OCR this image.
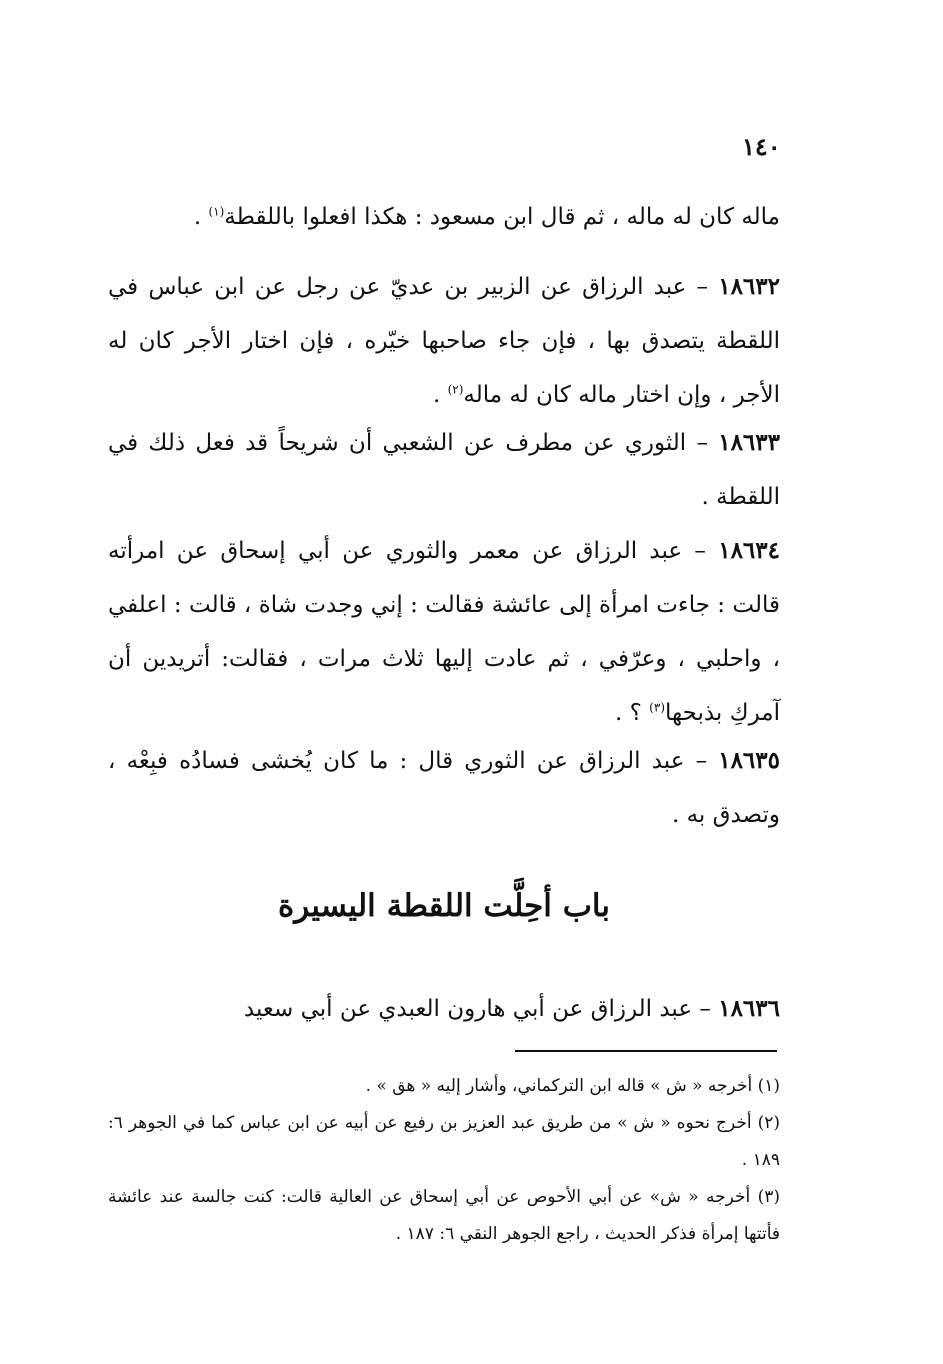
١٤٠
ماله كان له ماله ، ثم قال ابن مسعود : هكذا افعلوا باللقطة$^{(١)}$ .
١٨٦٣٢ – عبد الرزاق عن الزبير بن عديّ عن رجل عن ابن عباس في اللقطة يتصدق بها ، فإن جاء صاحبها خيّره ، فإن اختار الأجر كان له الأجر ، وإن اختار ماله كان له ماله$^{(٢)}$ .
١٨٦٣٣ – الثوري عن مطرف عن الشعبي أن شريحاً قد فعل ذلك في اللقطة .
١٨٦٣٤ – عبد الرزاق عن معمر والثوري عن أبي إسحاق عن امرأته قالت : جاءت امرأة إلى عائشة فقالت : إني وجدت شاة ، قالت : اعلفي ، واحلبي ، وعرّفي ، ثم عادت إليها ثلاث مرات ، فقالت: أتريدين أن آمركِ بذبحها$^{(٣)}$ ؟ .
١٨٦٣٥ – عبد الرزاق عن الثوري قال : ما كان يُخشى فسادُه فبِعْه ، وتصدق به .
باب أحِلَّت اللقطة اليسيرة
١٨٦٣٦ – عبد الرزاق عن أبي هارون العبدي عن أبي سعيد

(١) أخرجه « ش » قاله ابن التركماني، وأشار إليه « هق » .

(٢) أخرج نحوه « ش » من طريق عبد العزيز بن رفيع عن أبيه عن ابن عباس كما في الجوهر ٦: ١٨٩ .

(٣) أخرجه « ش» عن أبي الأحوص عن أبي إسحاق عن العالية قالت: كنت جالسة عند عائشة فأتتها إمرأة فذكر الحديث ، راجع الجوهر النقي ٦: ١٨٧ .
